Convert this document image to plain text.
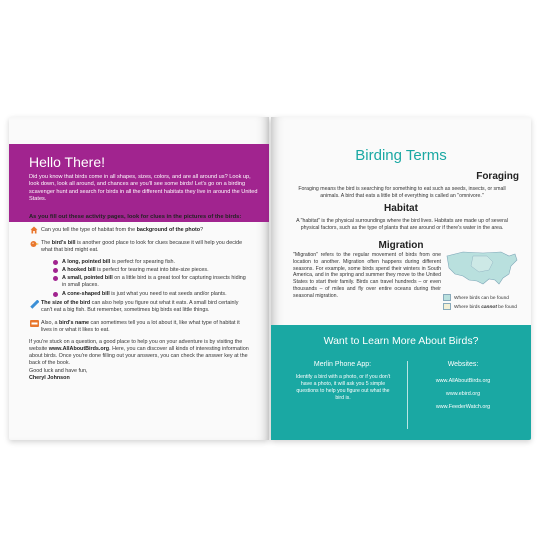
Hello There!
Did you know that birds come in all shapes, sizes, colors, and are all around us? Look up, look down, look all around, and chances are you'll see some birds! Let's go on a birding scavenger hunt and search for birds in all the different habitats they live in around the United States.
As you fill out these activity pages, look for clues in the pictures of the birds:
Can you tell the type of habitat from the background of the photo?
The bird's bill is another good place to look for clues because it will help you decide what that bird might eat.
A long, pointed bill is perfect for spearing fish.
A hooked bill is perfect for tearing meat into bite-size pieces.
A small, pointed bill on a little bird is a great tool for capturing insects hiding in small places.
A cone-shaped bill is just what you need to eat seeds and/or plants.
The size of the bird can also help you figure out what it eats. A small bird certainly can't eat a big fish. But remember, sometimes big birds eat little things.
Also, a bird's name can sometimes tell you a lot about it, like what type of habitat it lives in or what it likes to eat.
If you're stuck on a question, a good place to help you on your adventure is by visiting the website www.AllAboutBirds.org. Here, you can discover all kinds of interesting information about birds. Once you're done filling out your answers, you can check the answer key at the back of the book.
Good luck and have fun,
Cheryl Johnson
Birding Terms
Foraging
Foraging means the bird is searching for something to eat such as seeds, insects, or small animals. A bird that eats a little bit of everything is called an "omnivore."
Habitat
A "habitat" is the physical surroundings where the bird lives. Habitats are made up of several physical factors, such as the type of plants that are around or if there's water in the area.
Migration
"Migration" refers to the regular movement of birds from one location to another. Migration often happens during different seasons. For example, some birds spend their winters in South America, and in the spring and summer they move to the United States to start their family. Birds can travel hundreds – or even thousands – of miles and fly over entire oceans during their seasonal migration.	Where birds can be found
Where birds cannot be found
Want to Learn More About Birds?
Merlin Phone App:
Identify a bird with a photo, or if you don't have a photo, it will ask you 5 simple questions to help you figure out what the bird is.
Websites:
www.AllAboutBirds.org
www.ebird.org
www.FeederWatch.org
